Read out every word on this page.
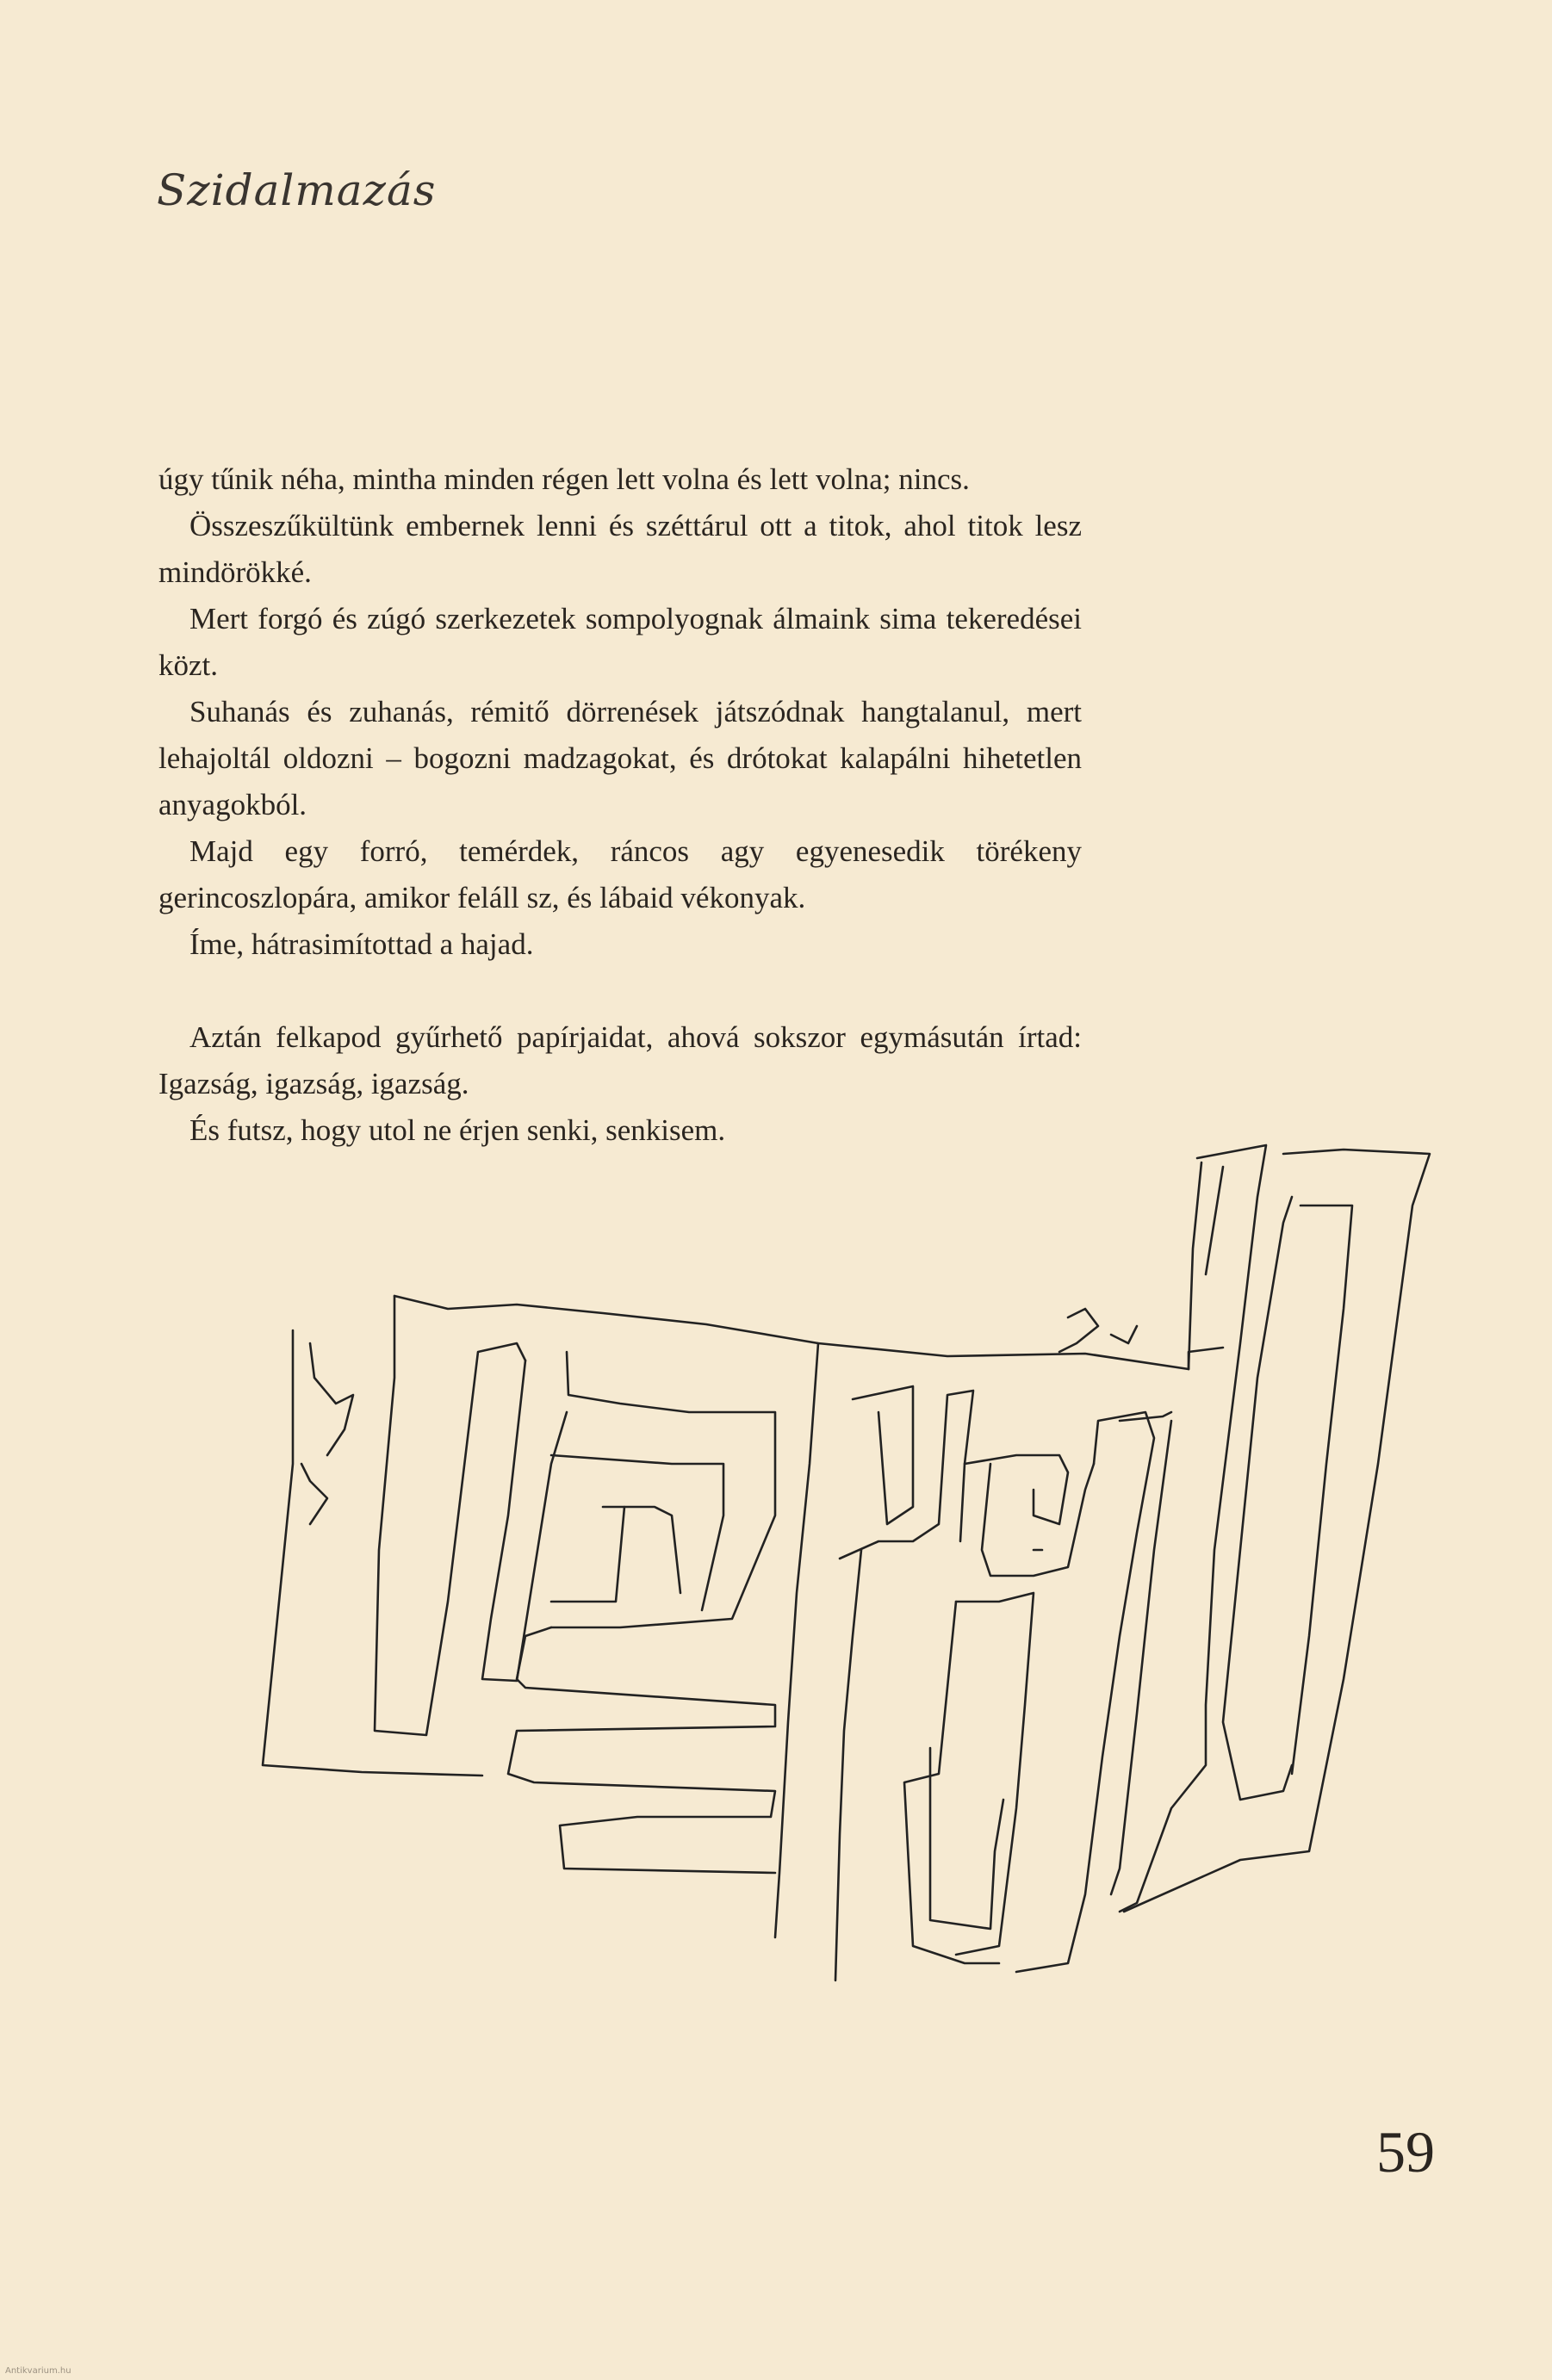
Szidalmazás

úgy tűnik néha, mintha minden régen lett volna és lett volna; nincs.

Összeszűkültünk embernek lenni és széttárul ott a titok, ahol titok lesz mindörökké.

Mert forgó és zúgó szerkezetek sompolyognak álmaink sima tekeredései közt.

Suhanás és zuhanás, rémitő dörrenések játszódnak hangtalanul, mert lehajoltál oldozni – bogozni madzagokat, és drótokat kalapálni hihetetlen anyagokból.

Majd egy forró, temérdek, ráncos agy egyenesedik törékeny gerincoszlopára, amikor feláll sz, és lábaid vékonyak.

Íme, hátrasimítottad a hajad.

Aztán felkapod gyűrhető papírjaidat, ahová sokszor egymásután írtad: Igazság, igazság, igazság.

És futsz, hogy utol ne érjen senki, senkisem.

59
Antikvarium.hu
